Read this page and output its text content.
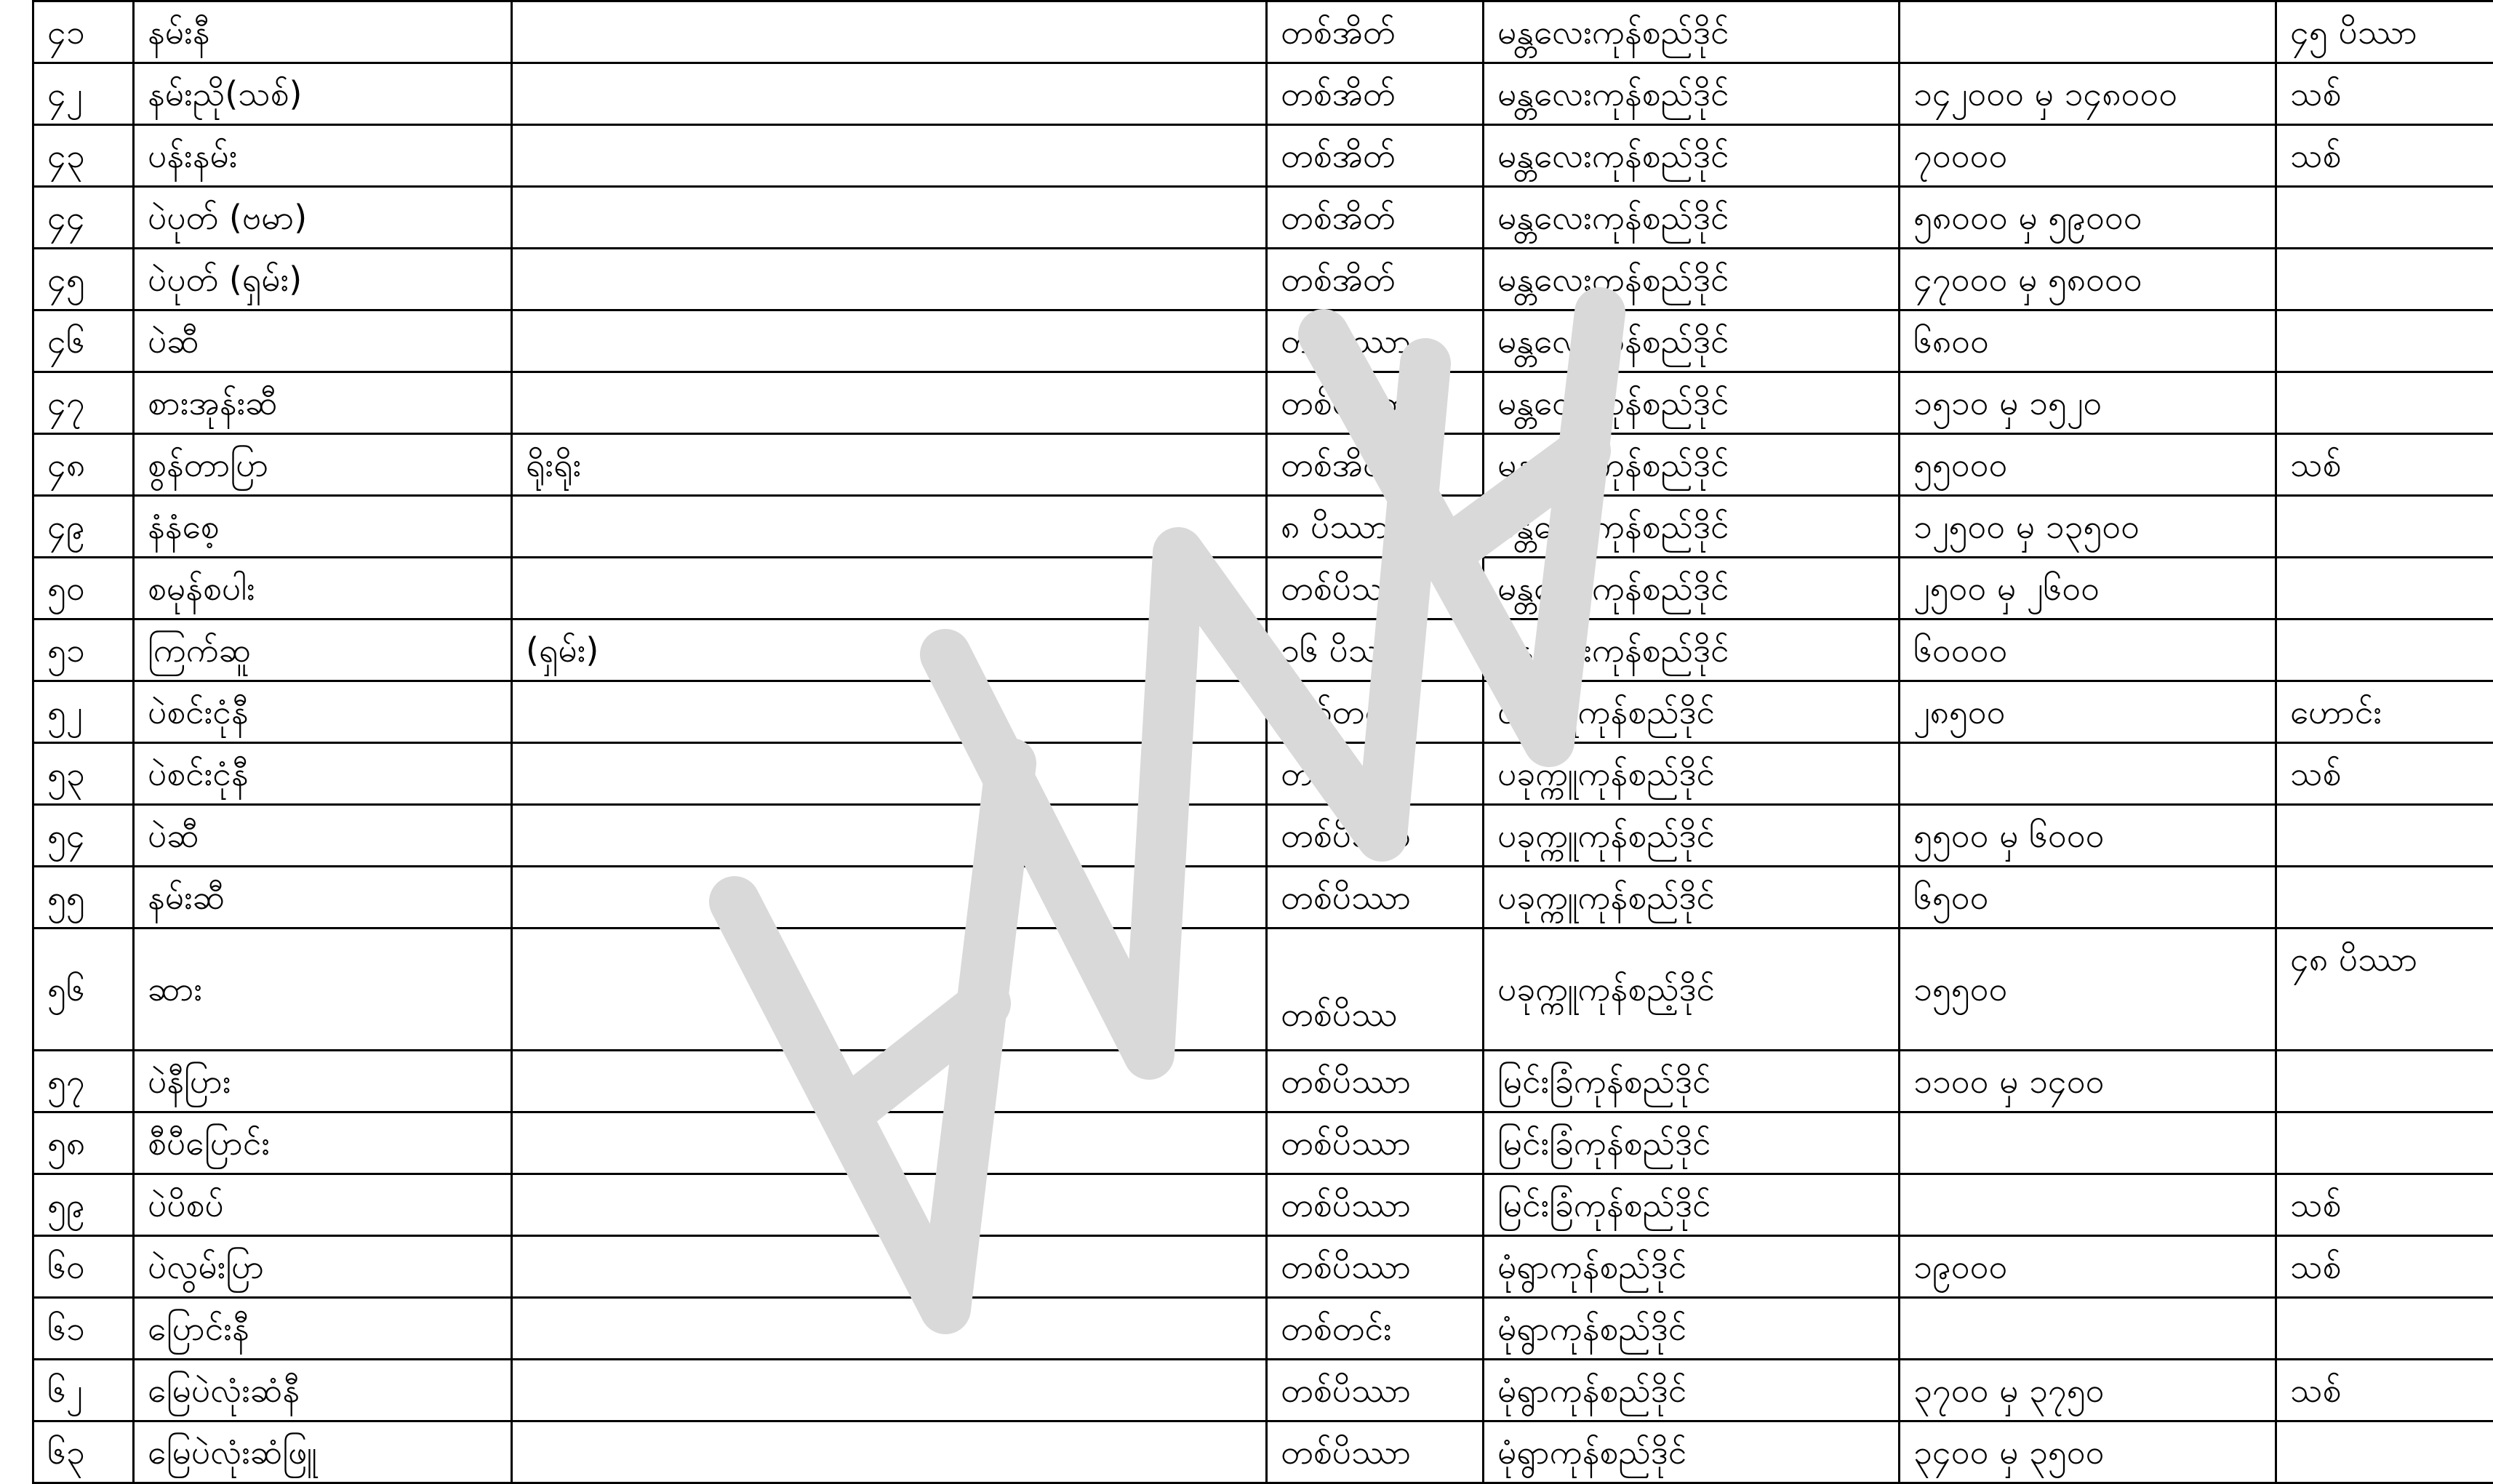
၄၁	နမ်းနီ		တစ်အိတ်	မန္တလေးကုန်စည်ဒိုင်		၄၅ ပိဿာ
၄၂	နမ်းညို(သစ်)		တစ်အိတ်	မန္တလေးကုန်စည်ဒိုင်	၁၄၂၀၀၀ မှ ၁၄၈၀၀၀	သစ်
၄၃	ပန်းနမ်း		တစ်အိတ်	မန္တလေးကုန်စည်ဒိုင်	၇၀၀၀၀	သစ်
၄၄	ပဲပုတ် (ဗမာ)		တစ်အိတ်	မန္တလေးကုန်စည်ဒိုင်	၅၈၀၀၀ မှ ၅၉၀၀၀	
၄၅	ပဲပုတ် (ရှမ်း)		တစ်အိတ်	မန္တလေးကုန်စည်ဒိုင်	၄၇၀၀၀ မှ ၅၈၀၀၀	
၄၆	ပဲဆီ		တစ်ပိဿာ	မန္တလေးကုန်စည်ဒိုင်	၆၈၀၀	
၄၇	စားအုန်းဆီ		တစ်ပိဿာ	မန္တလေးကုန်စည်ဒိုင်	၁၅၁၀ မှ ၁၅၂၀	
၄၈	စွန်တာပြာ	ရိုးရိုး	တစ်အိတ်	မန္တလေးကုန်စည်ဒိုင်	၅၅၀၀၀	သစ်
၄၉	နံနံစေ့		၈ ပိဿာ	မန္တလေးကုန်စည်ဒိုင်	၁၂၅၀၀ မှ ၁၃၅၀၀	
၅၀	စမုန်စပါး		တစ်ပိဿာ	မန္တလေးကုန်စည်ဒိုင်	၂၅၀၀ မှ ၂၆၀၀	
၅၁	ကြက်ဆူ	(ရှမ်း)	၃၆ ပိဿာ	မန္တလေးကုန်စည်ဒိုင်	၆၀၀၀၀	
၅၂	ပဲစင်းငုံနီ		တစ်တင်း	ပခုက္ကူကုန်စည်ဒိုင်	၂၈၅၀၀	ဟောင်း
၅၃	ပဲစင်းငုံနီ		တစ်တင်း	ပခုက္ကူကုန်စည်ဒိုင်		သစ်
၅၄	ပဲဆီ		တစ်ပိဿာ	ပခုက္ကူကုန်စည်ဒိုင်	၅၅၀၀ မှ ၆၀၀၀	
၅၅	နမ်းဆီ		တစ်ပိဿာ	ပခုက္ကူကုန်စည်ဒိုင်	၆၅၀၀	
၅၆	ဆား		တစ်ပိဿ	ပခုက္ကူကုန်စည့်ဒိုင်	၁၅၅၀၀	၄၈ ပိဿာ
၅၇	ပဲနီပြား		တစ်ပိဿာ	မြင်းခြံကုန်စည်ဒိုင်	၁၁၀၀ မှ ၁၄၀၀	
၅၈	စီပီပြောင်း		တစ်ပိဿာ	မြင်းခြံကုန်စည်ဒိုင်		
၅၉	ပဲပိစပ်		တစ်ပိဿာ	မြင်းခြံကုန်စည်ဒိုင်		သစ်
၆၀	ပဲလွမ်းပြာ		တစ်ပိဿာ	မုံရွာကုန်စည်ဒိုင်	၁၉၀၀၀	သစ်
၆၁	ပြောင်းနီ		တစ်တင်း	မုံရွာကုန်စည်ဒိုင်		
၆၂	မြေပဲလုံးဆံနီ		တစ်ပိဿာ	မုံရွာကုန်စည်ဒိုင်	၃၇၀၀ မှ ၃၇၅၀	သစ်
၆၃	မြေပဲလုံးဆံဖြူ		တစ်ပိဿာ	မုံရွာကုန်စည်ဒိုင်	၃၄၀၀ မှ ၃၅၀၀	
